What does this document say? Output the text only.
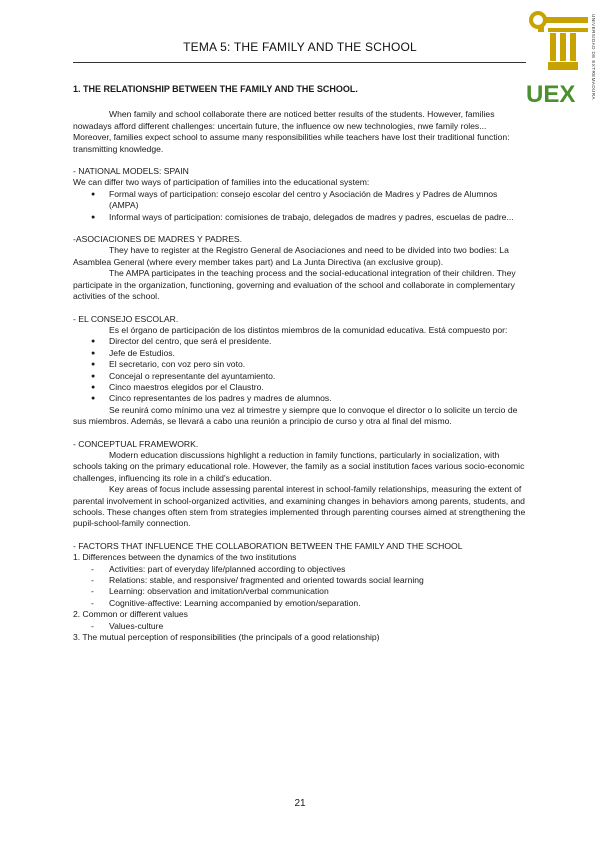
TEMA 5: THE FAMILY AND THE SCHOOL
UEX	UNIVERSIDAD DE EXTREMADURA

1. THE RELATIONSHIP BETWEEN THE FAMILY AND THE SCHOOL.

When family and school collaborate there are noticed better results of the students. However, families nowadays afford different challenges: uncertain future, the influence ow new technologies, nwe family roles... Moreover, families expect school to assume many responsibilities while teachers have lost their traditional function: transmitting knowledge.

- NATIONAL MODELS: SPAIN

We can differ two ways of participation of families into the educational system:

● Formal ways of participation: consejo escolar del centro y Asociación de Madres y Padres de Alumnos (AMPA)
● Informal ways of participation: comisiones de trabajo, delegados de madres y padres, escuelas de padre...

-ASOCIACIONES DE MADRES Y PADRES.

They have to register at the Registro General de Asociaciones and need to be divided into two bodies: La Asamblea General (where every member takes part) and La Junta Directiva (an exclusive group).

The AMPA participates in the teaching process and the social-educational integration of their children. They participate in the organization, functioning, governing and evaluation of the school and collaborate in complementary activities of the school.

- EL CONSEJO ESCOLAR.

Es el órgano de participación de los distintos miembros de la comunidad educativa. Está compuesto por:

● Director del centro, que será el presidente.
● Jefe de Estudios.
● El secretario, con voz pero sin voto.
● Concejal o representante del ayuntamiento.
● Cinco maestros elegidos por el Claustro.
● Cinco representantes de los padres y madres de alumnos.

Se reunirá como mínimo una vez al trimestre y siempre que lo convoque el director o lo solicite un tercio de sus miembros. Además, se llevará a cabo una reunión a principio de curso y otra al final del mismo.

- CONCEPTUAL FRAMEWORK.

Modern education discussions highlight a reduction in family functions, particularly in socialization, with schools taking on the primary educational role. However, the family as a social institution faces various socio-economic challenges, influencing its role in a child's education.

Key areas of focus include assessing parental interest in school-family relationships, measuring the extent of parental involvement in school-organized activities, and examining changes in behaviors among parents, students, and schools. These changes often stem from strategies implemented through parenting courses aimed at strengthening the pupil-school-family connection.

- FACTORS THAT INFLUENCE THE COLLABORATION BETWEEN THE FAMILY AND THE SCHOOL

1. Differences between the dynamics of the two institutions

- Activities: part of everyday life/planned according to objectives
- Relations: stable, and responsive/ fragmented and oriented towards social learning
- Learning: observation and imitation/verbal communication
- Cognitive-affective: Learning accompanied by emotion/separation.

2. Common or different values

- Values-culture

3. The mutual perception of responsibilities (the principals of a good relationship)

21
